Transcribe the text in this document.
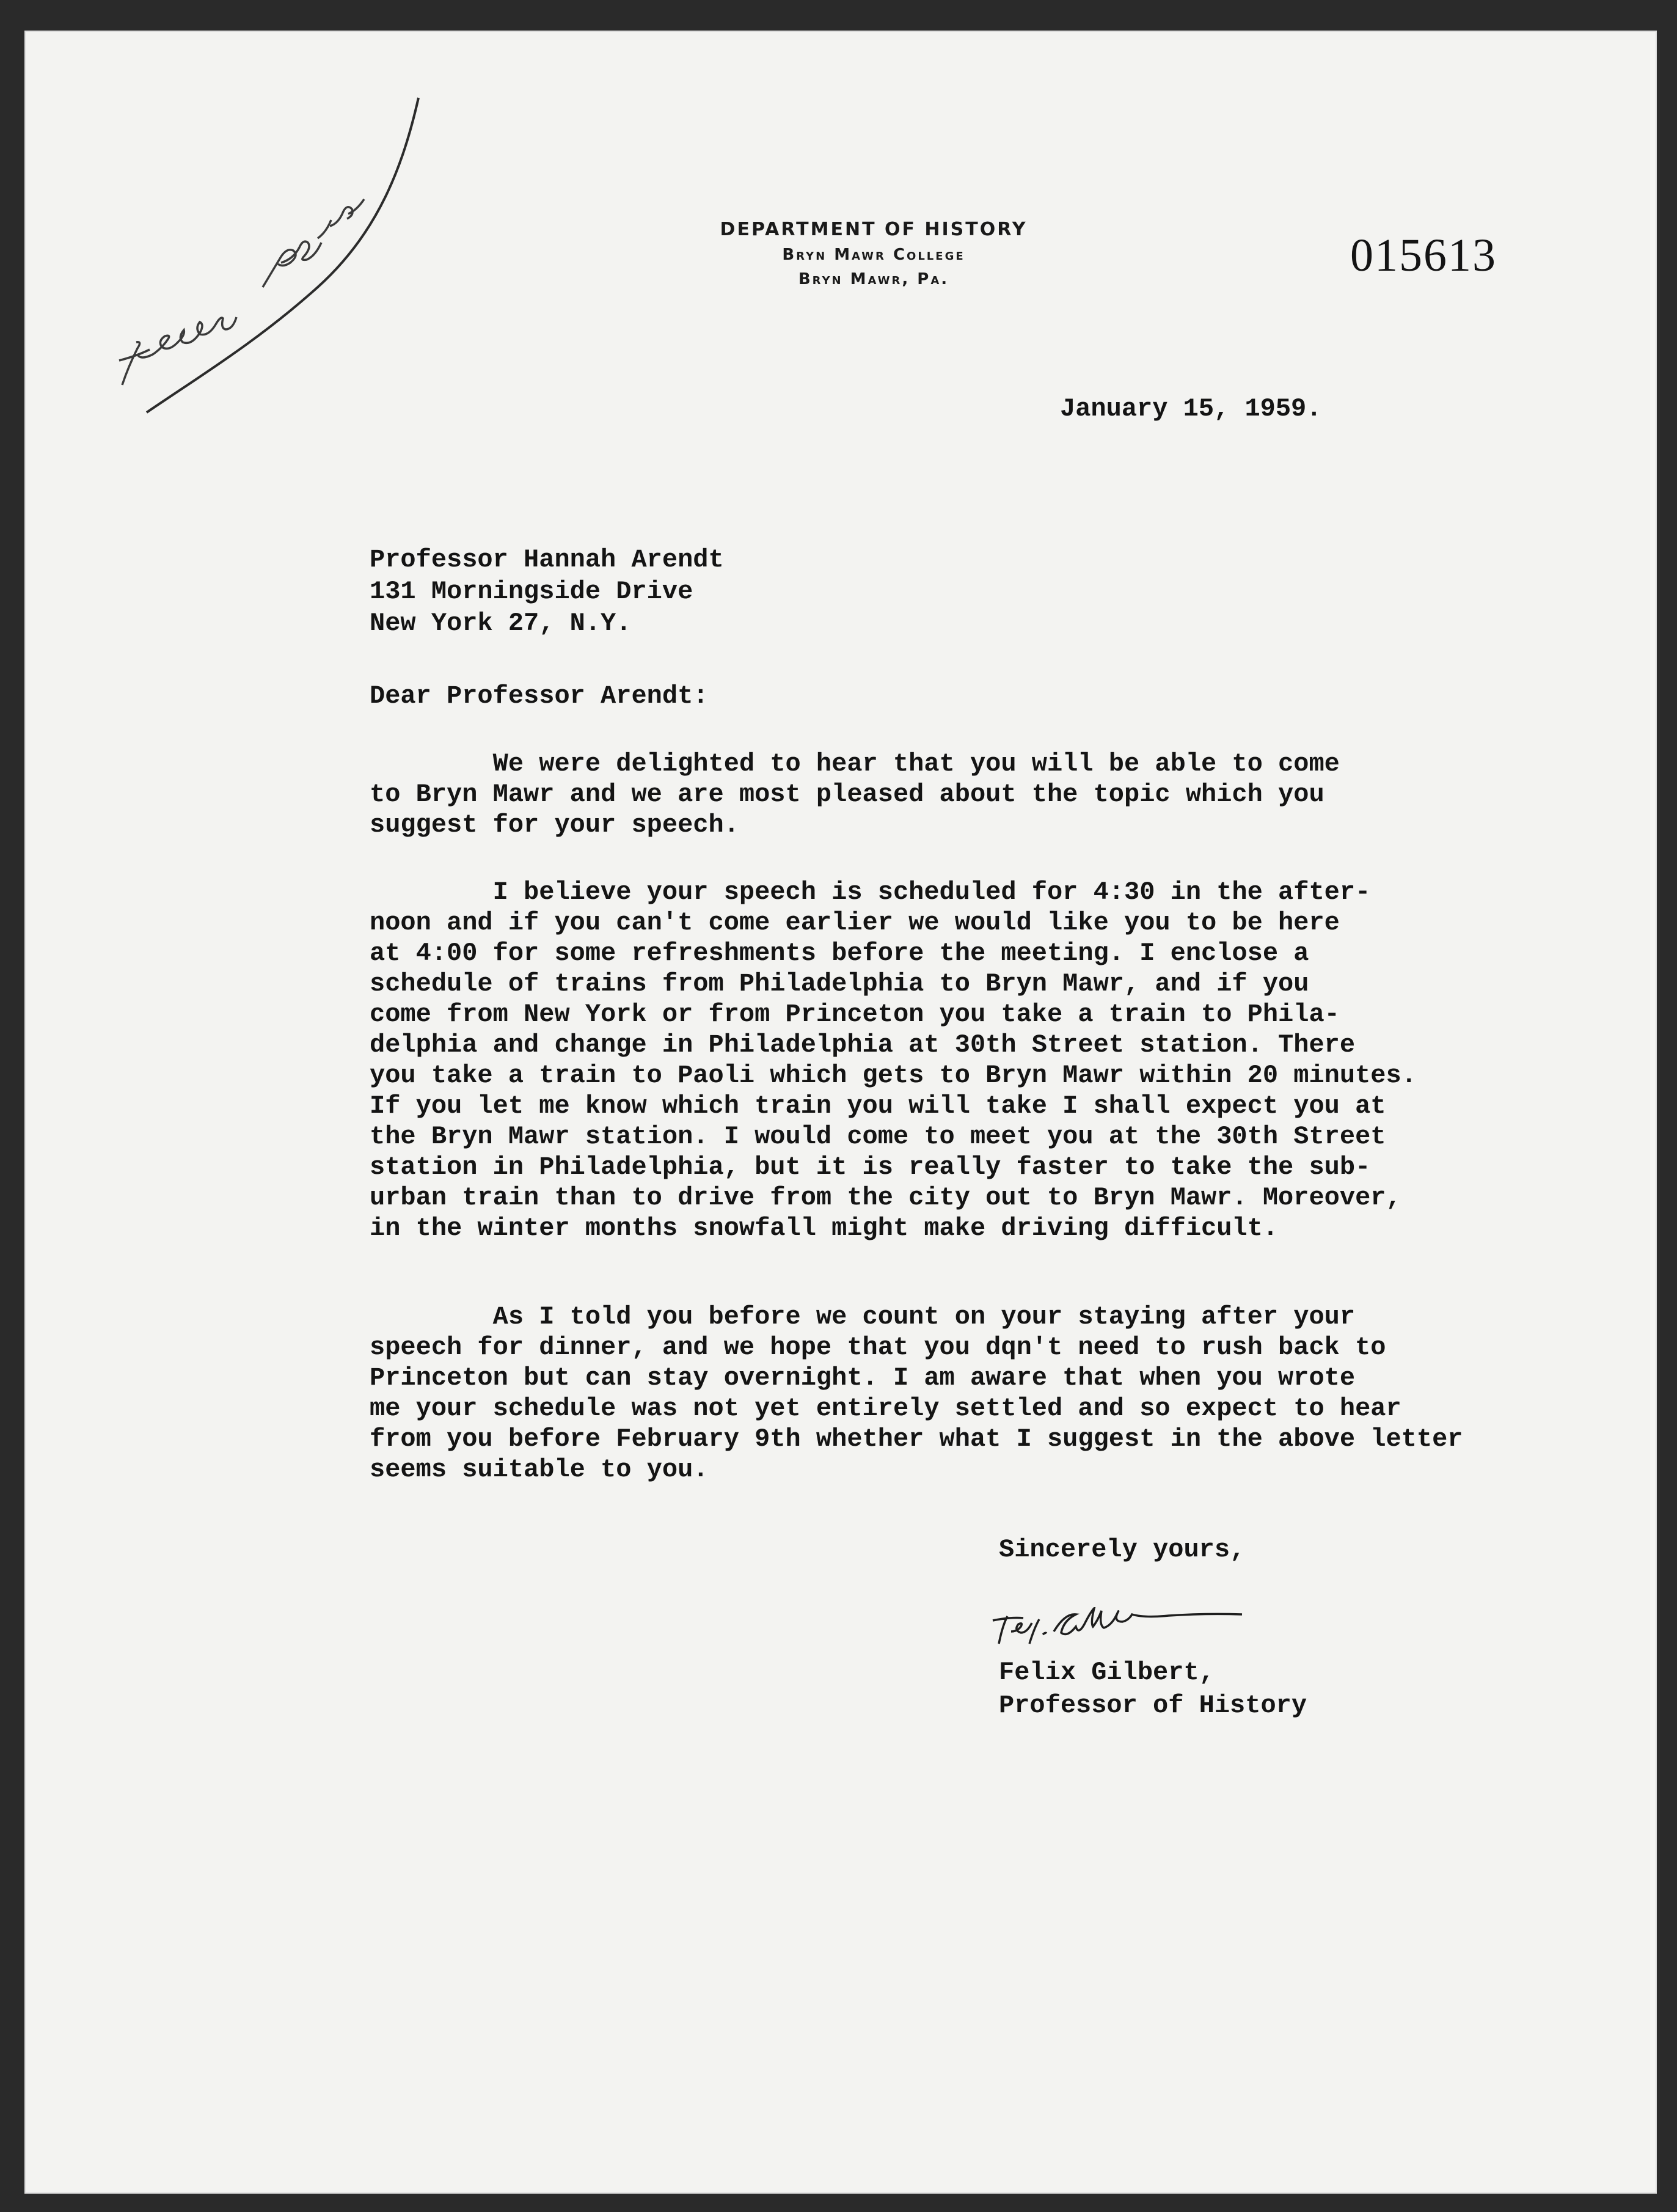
DEPARTMENT OF HISTORY
Bryn Mawr College
Bryn Mawr, Pa.	015613
January 15, 1959.
Professor Hannah Arendt
131 Morningside Drive
New York 27, N.Y.
Dear Professor Arendt:
We were delighted to hear that you will be able to come
to Bryn Mawr and we are most pleased about the topic which you
suggest for your speech.
I believe your speech is scheduled for 4:30 in the after-
noon and if you can't come earlier we would like you to be here
at 4:00 for some refreshments before the meeting. I enclose a
schedule of trains from Philadelphia to Bryn Mawr, and if you
come from New York or from Princeton you take a train to Phila-
delphia and change in Philadelphia at 30th Street station. There
you take a train to Paoli which gets to Bryn Mawr within 20 minutes.
If you let me know which train you will take I shall expect you at
the Bryn Mawr station. I would come to meet you at the 30th Street
station in Philadelphia, but it is really faster to take the sub-
urban train than to drive from the city out to Bryn Mawr. Moreover,
in the winter months snowfall might make driving difficult.
As I told you before we count on your staying after your
speech for dinner, and we hope that you dqn't need to rush back to
Princeton but can stay overnight. I am aware that when you wrote
me your schedule was not yet entirely settled and so expect to hear
from you before February 9th whether what I suggest in the above letter
seems suitable to you.
Sincerely yours,
Felix Gilbert,
Professor of History
